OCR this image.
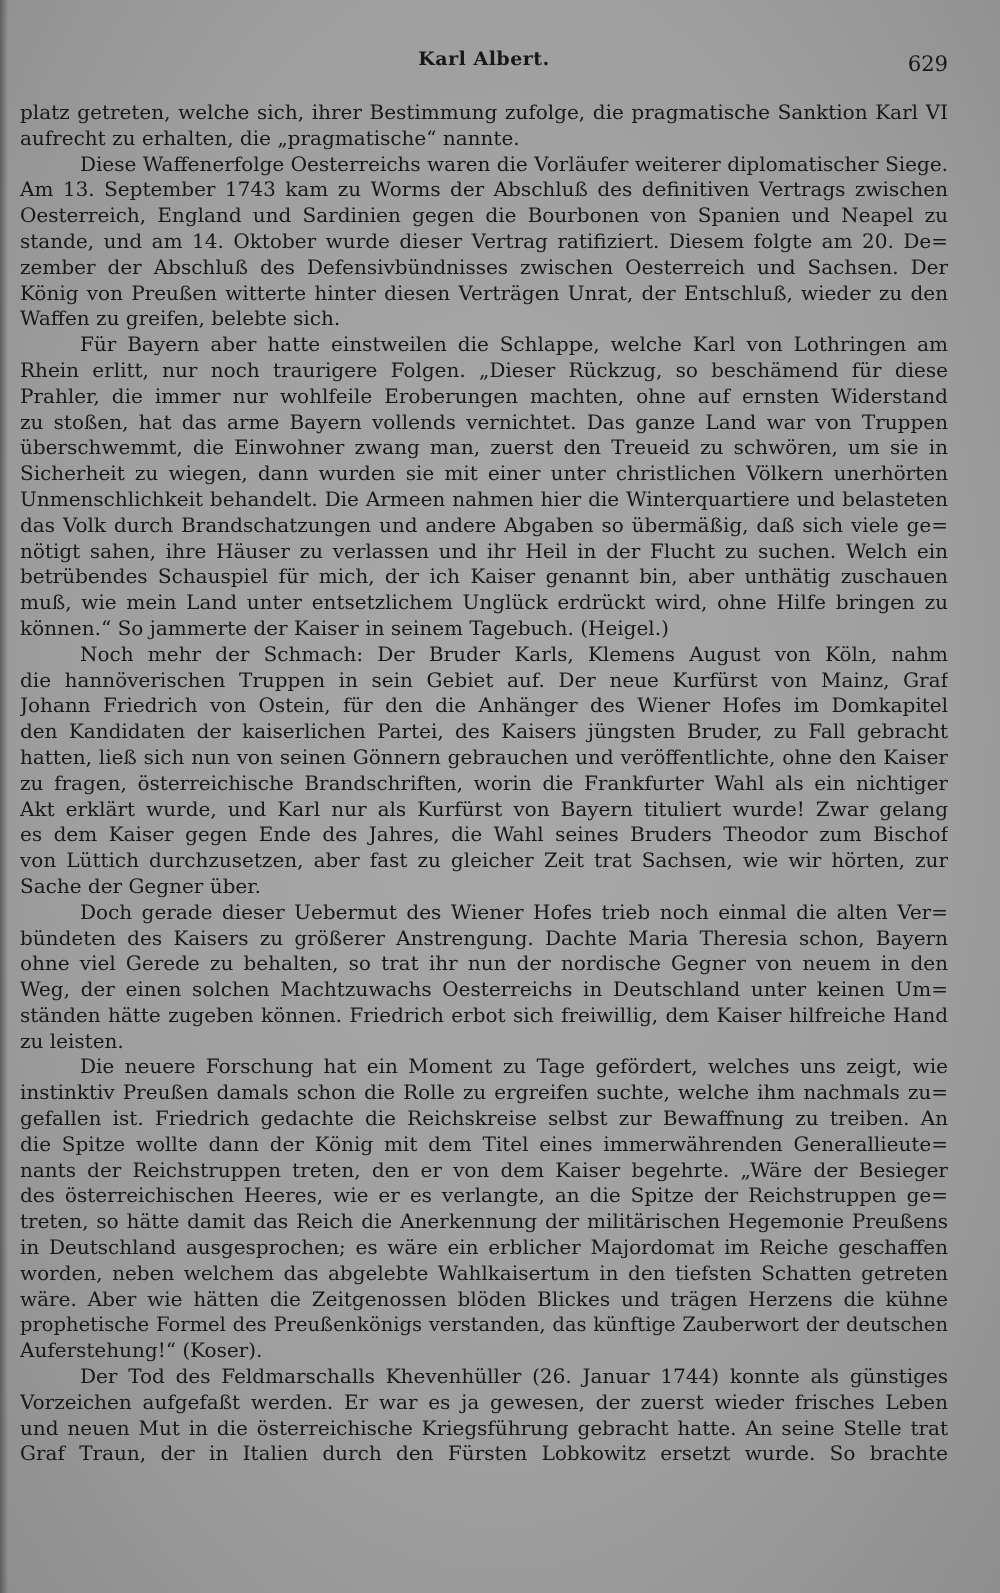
Karl Albert.	629
platz getreten, welche sich, ihrer Bestimmung zufolge, die pragmatische Sanktion Karl VI
aufrecht zu erhalten, die „pragmatische“ nannte.
Diese Waffenerfolge Oesterreichs waren die Vorläufer weiterer diplomatischer Siege.
Am 13. September 1743 kam zu Worms der Abschluß des definitiven Vertrags zwischen
Oesterreich, England und Sardinien gegen die Bourbonen von Spanien und Neapel zu
stande, und am 14. Oktober wurde dieser Vertrag ratifiziert. Diesem folgte am 20. De=
zember der Abschluß des Defensivbündnisses zwischen Oesterreich und Sachsen. Der
König von Preußen witterte hinter diesen Verträgen Unrat, der Entschluß, wieder zu den
Waffen zu greifen, belebte sich.
Für Bayern aber hatte einstweilen die Schlappe, welche Karl von Lothringen am
Rhein erlitt, nur noch traurigere Folgen. „Dieser Rückzug, so beschämend für diese
Prahler, die immer nur wohlfeile Eroberungen machten, ohne auf ernsten Widerstand
zu stoßen, hat das arme Bayern vollends vernichtet. Das ganze Land war von Truppen
überschwemmt, die Einwohner zwang man, zuerst den Treueid zu schwören, um sie in
Sicherheit zu wiegen, dann wurden sie mit einer unter christlichen Völkern unerhörten
Unmenschlichkeit behandelt. Die Armeen nahmen hier die Winterquartiere und belasteten
das Volk durch Brandschatzungen und andere Abgaben so übermäßig, daß sich viele ge=
nötigt sahen, ihre Häuser zu verlassen und ihr Heil in der Flucht zu suchen. Welch ein
betrübendes Schauspiel für mich, der ich Kaiser genannt bin, aber unthätig zuschauen
muß, wie mein Land unter entsetzlichem Unglück erdrückt wird, ohne Hilfe bringen zu
können.“ So jammerte der Kaiser in seinem Tagebuch. (Heigel.)
Noch mehr der Schmach: Der Bruder Karls, Klemens August von Köln, nahm
die hannöverischen Truppen in sein Gebiet auf. Der neue Kurfürst von Mainz, Graf
Johann Friedrich von Ostein, für den die Anhänger des Wiener Hofes im Domkapitel
den Kandidaten der kaiserlichen Partei, des Kaisers jüngsten Bruder, zu Fall gebracht
hatten, ließ sich nun von seinen Gönnern gebrauchen und veröffentlichte, ohne den Kaiser
zu fragen, österreichische Brandschriften, worin die Frankfurter Wahl als ein nichtiger
Akt erklärt wurde, und Karl nur als Kurfürst von Bayern tituliert wurde! Zwar gelang
es dem Kaiser gegen Ende des Jahres, die Wahl seines Bruders Theodor zum Bischof
von Lüttich durchzusetzen, aber fast zu gleicher Zeit trat Sachsen, wie wir hörten, zur
Sache der Gegner über.
Doch gerade dieser Uebermut des Wiener Hofes trieb noch einmal die alten Ver=
bündeten des Kaisers zu größerer Anstrengung. Dachte Maria Theresia schon, Bayern
ohne viel Gerede zu behalten, so trat ihr nun der nordische Gegner von neuem in den
Weg, der einen solchen Machtzuwachs Oesterreichs in Deutschland unter keinen Um=
ständen hätte zugeben können. Friedrich erbot sich freiwillig, dem Kaiser hilfreiche Hand
zu leisten.
Die neuere Forschung hat ein Moment zu Tage gefördert, welches uns zeigt, wie
instinktiv Preußen damals schon die Rolle zu ergreifen suchte, welche ihm nachmals zu=
gefallen ist. Friedrich gedachte die Reichskreise selbst zur Bewaffnung zu treiben. An
die Spitze wollte dann der König mit dem Titel eines immerwährenden Generallieute=
nants der Reichstruppen treten, den er von dem Kaiser begehrte. „Wäre der Besieger
des österreichischen Heeres, wie er es verlangte, an die Spitze der Reichstruppen ge=
treten, so hätte damit das Reich die Anerkennung der militärischen Hegemonie Preußens
in Deutschland ausgesprochen; es wäre ein erblicher Majordomat im Reiche geschaffen
worden, neben welchem das abgelebte Wahlkaisertum in den tiefsten Schatten getreten
wäre. Aber wie hätten die Zeitgenossen blöden Blickes und trägen Herzens die kühne
prophetische Formel des Preußenkönigs verstanden, das künftige Zauberwort der deutschen
Auferstehung!“ (Koser).
Der Tod des Feldmarschalls Khevenhüller (26. Januar 1744) konnte als günstiges
Vorzeichen aufgefaßt werden. Er war es ja gewesen, der zuerst wieder frisches Leben
und neuen Mut in die österreichische Kriegsführung gebracht hatte. An seine Stelle trat
Graf Traun, der in Italien durch den Fürsten Lobkowitz ersetzt wurde. So brachte
